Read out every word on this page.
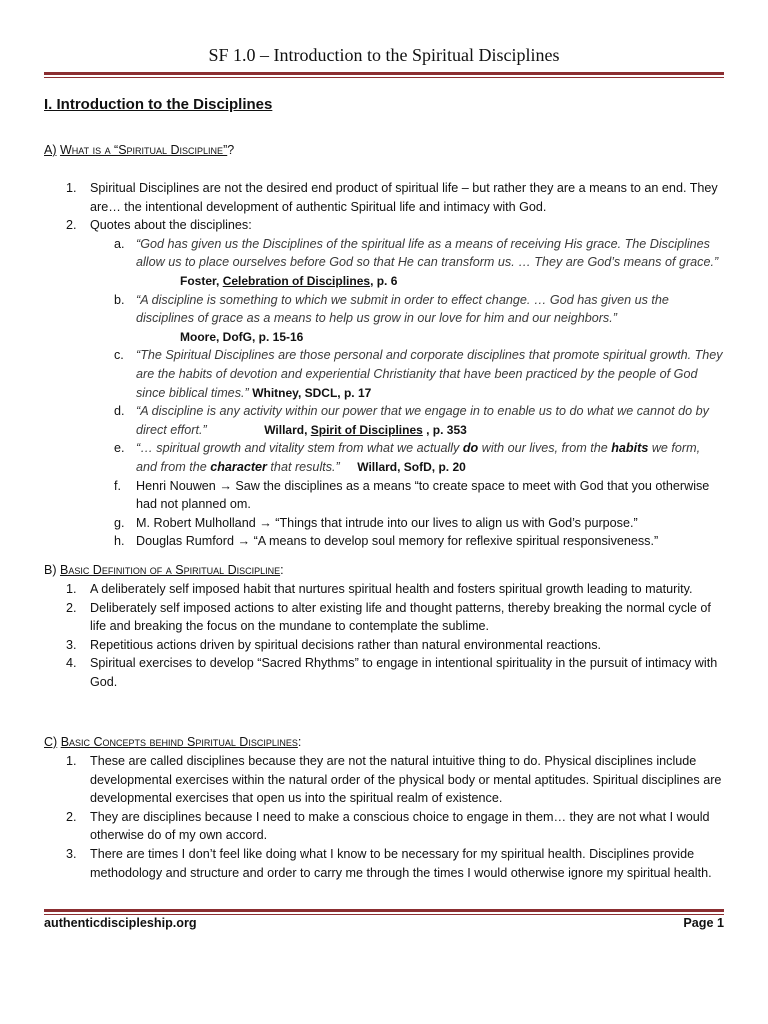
SF 1.0 – Introduction to the Spiritual Disciplines
I. Introduction to the Disciplines
A) What is a “Spiritual Discipline”?
1. Spiritual Disciplines are not the desired end product of spiritual life – but rather they are a means to an end. They are… the intentional development of authentic Spiritual life and intimacy with God.
2. Quotes about the disciplines:
a. “God has given us the Disciplines of the spiritual life as a means of receiving His grace. The Disciplines allow us to place ourselves before God so that He can transform us. … They are God’s means of grace.”
Foster, Celebration of Disciplines, p. 6
b. “A discipline is something to which we submit in order to effect change. … God has given us the disciplines of grace as a means to help us grow in our love for him and our neighbors.”
Moore, DofG, p. 15-16
c. “The Spiritual Disciplines are those personal and corporate disciplines that promote spiritual growth. They are the habits of devotion and experiential Christianity that have been practiced by the people of God since biblical times.” Whitney, SDCL, p. 17
d. “A discipline is any activity within our power that we engage in to enable us to do what we cannot do by direct effort.”	Willard, Spirit of Disciplines , p. 353
e. “… spiritual growth and vitality stem from what we actually do with our lives, from the habits we form, and from the character that results.” Willard, SofD, p. 20
f. Henri Nouwen → Saw the disciplines as a means “to create space to meet with God that you otherwise had not planned om.
g. M. Robert Mulholland → “Things that intrude into our lives to align us with God’s purpose.”
h. Douglas Rumford → “A means to develop soul memory for reflexive spiritual responsiveness.”
B) Basic Definition of a Spiritual Discipline:
1. A deliberately self imposed habit that nurtures spiritual health and fosters spiritual growth leading to maturity.
2. Deliberately self imposed actions to alter existing life and thought patterns, thereby breaking the normal cycle of life and breaking the focus on the mundane to contemplate the sublime.
3. Repetitious actions driven by spiritual decisions rather than natural environmental reactions.
4. Spiritual exercises to develop “Sacred Rhythms” to engage in intentional spirituality in the pursuit of intimacy with God.
C) Basic Concepts behind Spiritual Disciplines:
1. These are called disciplines because they are not the natural intuitive thing to do. Physical disciplines include developmental exercises within the natural order of the physical body or mental aptitudes. Spiritual disciplines are developmental exercises that open us into the spiritual realm of existence.
2. They are disciplines because I need to make a conscious choice to engage in them… they are not what I would otherwise do of my own accord.
3. There are times I don’t feel like doing what I know to be necessary for my spiritual health. Disciplines provide methodology and structure and order to carry me through the times I would otherwise ignore my spiritual health.
authenticdiscipleship.org	Page 1
